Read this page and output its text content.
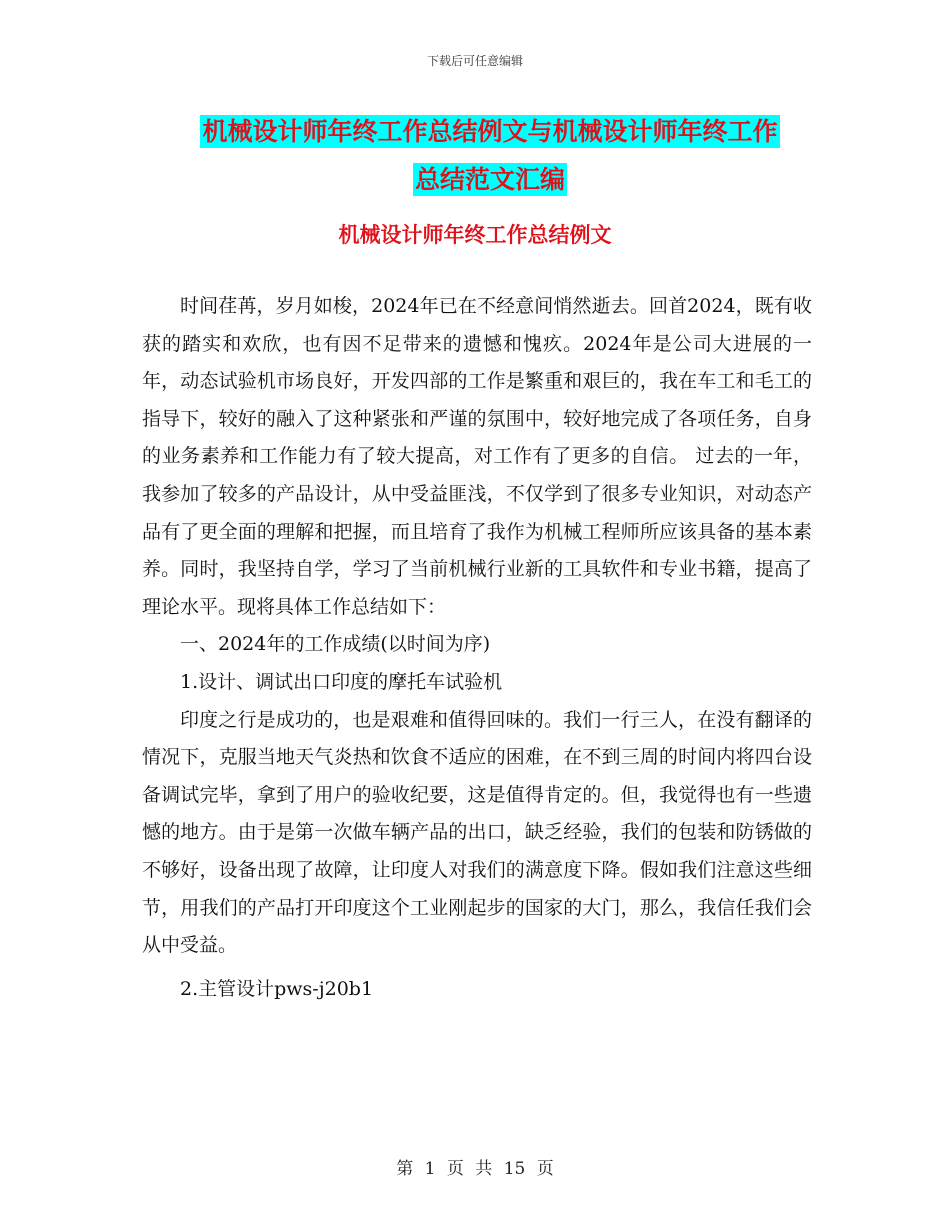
下载后可任意编辑
机械设计师年终工作总结例文与机械设计师年终工作
总结范文汇编
机械设计师年终工作总结例文

时间荏苒，岁月如梭，2024年已在不经意间悄然逝去。回首2024，既有收获的踏实和欢欣，也有因不足带来的遗憾和愧疚。2024年是公司大进展的一年，动态试验机市场良好，开发四部的工作是繁重和艰巨的，我在车工和毛工的指导下，较好的融入了这种紧张和严谨的氛围中，较好地完成了各项任务，自身的业务素养和工作能力有了较大提高，对工作有了更多的自信。 过去的一年，我参加了较多的产品设计，从中受益匪浅，不仅学到了很多专业知识，对动态产品有了更全面的理解和把握，而且培育了我作为机械工程师所应该具备的基本素养。同时，我坚持自学，学习了当前机械行业新的工具软件和专业书籍，提高了理论水平。现将具体工作总结如下：

一、2024年的工作成绩(以时间为序)

1.设计、调试出口印度的摩托车试验机

印度之行是成功的，也是艰难和值得回味的。我们一行三人，在没有翻译的情况下，克服当地天气炎热和饮食不适应的困难，在不到三周的时间内将四台设备调试完毕，拿到了用户的验收纪要，这是值得肯定的。但，我觉得也有一些遗憾的地方。由于是第一次做车辆产品的出口，缺乏经验，我们的包装和防锈做的不够好，设备出现了故障，让印度人对我们的满意度下降。假如我们注意这些细节，用我们的产品打开印度这个工业刚起步的国家的大门，那么，我信任我们会从中受益。

2.主管设计pws-j20b1

第 1 页 共 15 页
